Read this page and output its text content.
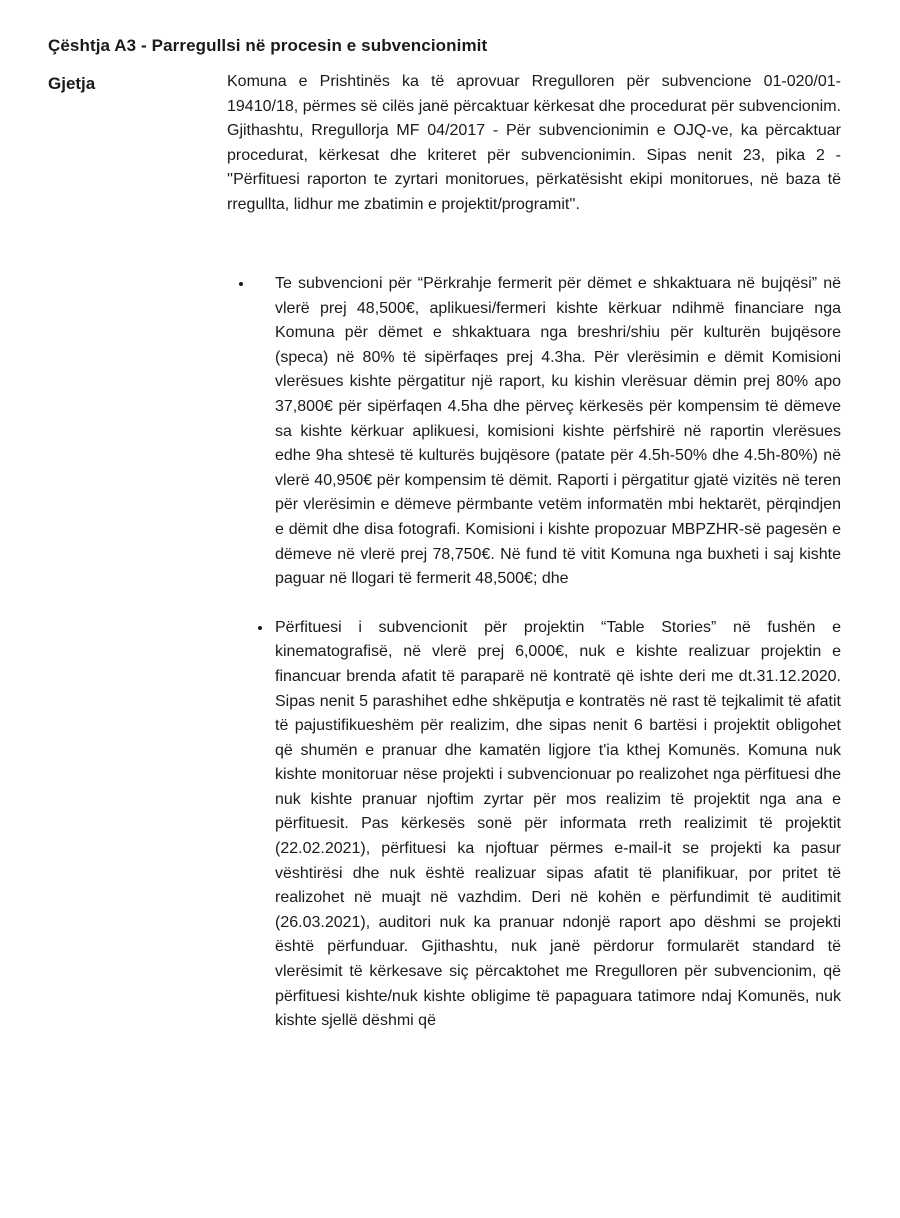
Çështja A3 - Parregullsi në procesin e subvencionimit
Gjetja	Komuna e Prishtinës ka të aprovuar Rregulloren për subvencione 01-020/01-19410/18, përmes së cilës janë përcaktuar kërkesat dhe procedurat për subvencionim. Gjithashtu, Rregullorja MF 04/2017 - Për subvencionimin e OJQ-ve, ka përcaktuar procedurat, kërkesat dhe kriteret për subvencionimin. Sipas nenit 23, pika 2 - ''Përfituesi raporton te zyrtari monitorues, përkatësisht ekipi monitorues, në baza të rregullta, lidhur me zbatimin e projektit/programit''.

Te subvencioni për “Përkrahje fermerit për dëmet e shkaktuara në bujqësi” në vlerë prej 48,500€, aplikuesi/fermeri kishte kërkuar ndihmë financiare nga Komuna për dëmet e shkaktuara nga breshri/shiu për kulturën bujqësore (speca) në 80% të sipërfaqes prej 4.3ha. Për vlerësimin e dëmit Komisioni vlerësues kishte përgatitur një raport, ku kishin vlerësuar dëmin prej 80% apo 37,800€ për sipërfaqen 4.5ha dhe përveç kërkesës për kompensim të dëmeve sa kishte kërkuar aplikuesi, komisioni kishte përfshirë në raportin vlerësues edhe 9ha shtesë të kulturës bujqësore (patate për 4.5h-50% dhe 4.5h-80%) në vlerë 40,950€ për kompensim të dëmit. Raporti i përgatitur gjatë vizitës në teren për vlerësimin e dëmeve përmbante vetëm informatën mbi hektarët, përqindjen e dëmit dhe disa fotografi. Komisioni i kishte propozuar MBPZHR-së pagesën e dëmeve në vlerë prej 78,750€. Në fund të vitit Komuna nga buxheti i saj kishte paguar në llogari të fermerit 48,500€; dhe
Përfituesi i subvencionit për projektin “Table Stories” në fushën e kinematografisë, në vlerë prej 6,000€, nuk e kishte realizuar projektin e financuar brenda afatit të paraparë në kontratë që ishte deri me dt.31.12.2020. Sipas nenit 5 parashihet edhe shkëputja e kontratës në rast të tejkalimit të afatit të pajustifikueshëm për realizim, dhe sipas nenit 6 bartësi i projektit obligohet që shumën e pranuar dhe kamatën ligjore t'ia kthej Komunës. Komuna nuk kishte monitoruar nëse projekti i subvencionuar po realizohet nga përfituesi dhe nuk kishte pranuar njoftim zyrtar për mos realizim të projektit nga ana e përfituesit. Pas kërkesës sonë për informata rreth realizimit të projektit (22.02.2021), përfituesi ka njoftuar përmes e-mail-it se projekti ka pasur vështirësi dhe nuk është realizuar sipas afatit të planifikuar, por pritet të realizohet në muajt në vazhdim. Deri në kohën e përfundimit të auditimit (26.03.2021), auditori nuk ka pranuar ndonjë raport apo dëshmi se projekti është përfunduar. Gjithashtu, nuk janë përdorur formularët standard të vlerësimit të kërkesave siç përcaktohet me Rregulloren për subvencionim, që përfituesi kishte/nuk kishte obligime të papaguara tatimore ndaj Komunës, nuk kishte sjellë dëshmi që
